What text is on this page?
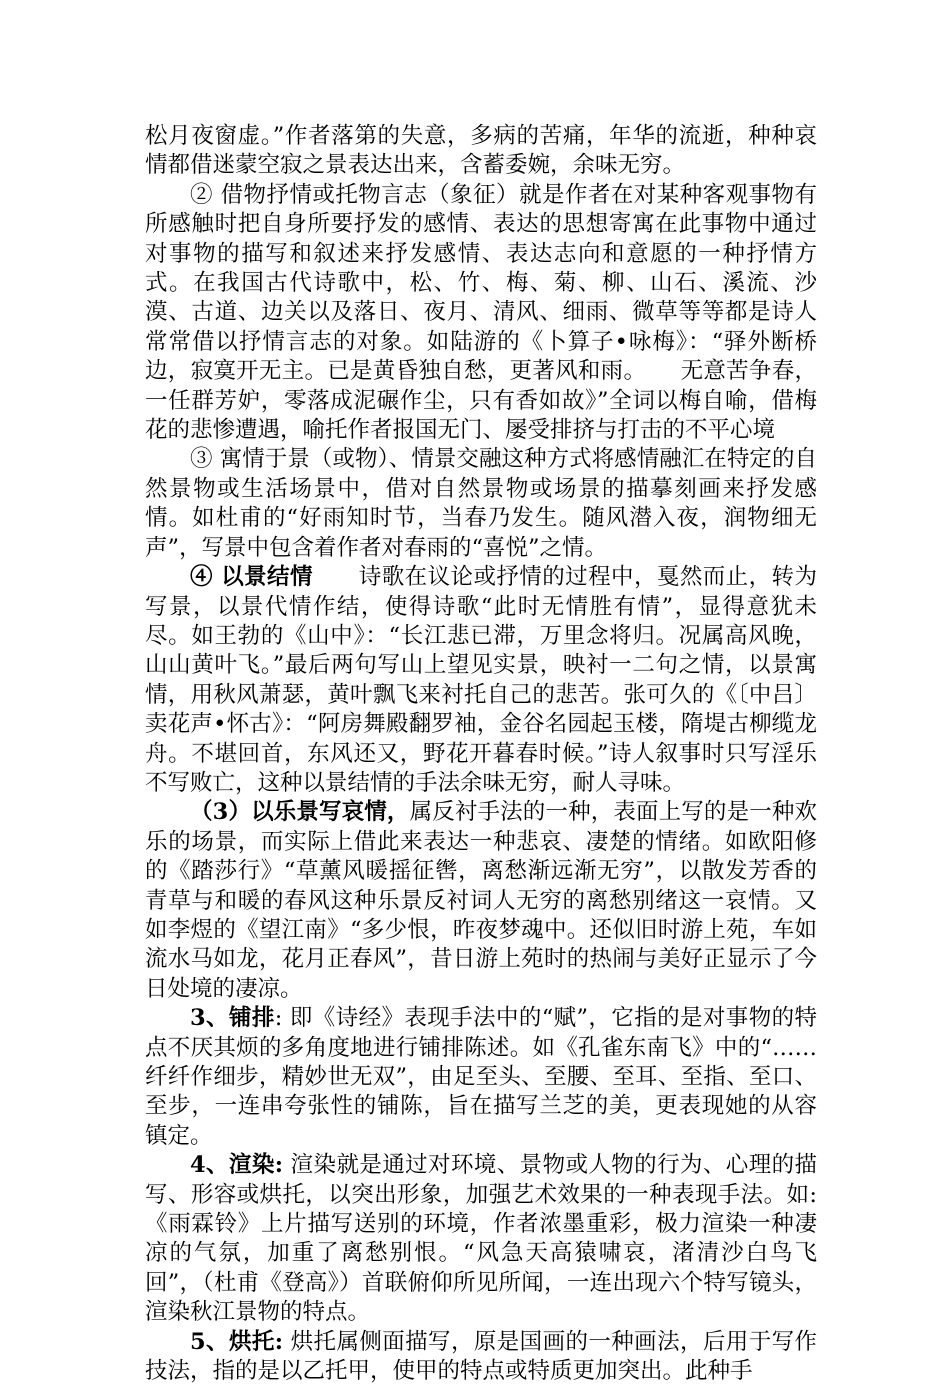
松月夜窗虚。”作者落第的失意，多病的苦痛，年华的流逝，种种哀情都借迷蒙空寂之景表达出来，含蓄委婉，余味无穷。

② 借物抒情或托物言志（象征）就是作者在对某种客观事物有所感触时把自身所要抒发的感情、表达的思想寄寓在此事物中通过对事物的描写和叙述来抒发感情、表达志向和意愿的一种抒情方式。在我国古代诗歌中，松、竹、梅、菊、柳、山石、溪流、沙漠、古道、边关以及落日、夜月、清风、细雨、微草等等都是诗人常常借以抒情言志的对象。如陆游的《卜算子•咏梅》：“驿外断桥边，寂寞开无主。已是黄昏独自愁，更著风和雨。　　无意苦争春，一任群芳妒，零落成泥碾作尘，只有香如故》”全词以梅自喻，借梅花的悲惨遭遇，喻托作者报国无门、屡受排挤与打击的不平心境

③ 寓情于景（或物）、情景交融这种方式将感情融汇在特定的自然景物或生活场景中，借对自然景物或场景的描摹刻画来抒发感情。如杜甫的“好雨知时节，当春乃发生。随风潜入夜，润物细无声”，写景中包含着作者对春雨的“喜悦”之情。

④ 以景结情　　诗歌在议论或抒情的过程中，戛然而止，转为写景，以景代情作结，使得诗歌“此时无情胜有情”，显得意犹未尽。如王勃的《山中》：“长江悲已滞，万里念将归。况属高风晚，山山黄叶飞。”最后两句写山上望见实景，映衬一二句之情，以景寓情，用秋风萧瑟，黄叶飘飞来衬托自己的悲苦。张可久的《〔中吕〕卖花声•怀古》：“阿房舞殿翻罗袖，金谷名园起玉楼，隋堤古柳缆龙舟。不堪回首，东风还又，野花开暮春时候。”诗人叙事时只写淫乐不写败亡，这种以景结情的手法余味无穷，耐人寻味。

（3）以乐景写哀情，属反衬手法的一种，表面上写的是一种欢乐的场景，而实际上借此来表达一种悲哀、凄楚的情绪。如欧阳修的《踏莎行》“草薰风暖摇征辔，离愁渐远渐无穷”，以散发芳香的青草与和暖的春风这种乐景反衬词人无穷的离愁别绪这一哀情。又如李煜的《望江南》“多少恨，昨夜梦魂中。还似旧时游上苑，车如流水马如龙，花月正春风”，昔日游上苑时的热闹与美好正显示了今日处境的凄凉。

3、铺排: 即《诗经》表现手法中的“赋”，它指的是对事物的特点不厌其烦的多角度地进行铺排陈述。如《孔雀东南飞》中的“……纤纤作细步，精妙世无双”，由足至头、至腰、至耳、至指、至口、至步，一连串夸张性的铺陈，旨在描写兰芝的美，更表现她的从容镇定。

4、渲染: 渲染就是通过对环境、景物或人物的行为、心理的描写、形容或烘托，以突出形象，加强艺术效果的一种表现手法。如:《雨霖铃》上片描写送别的环境，作者浓墨重彩，极力渲染一种凄凉的气氛，加重了离愁别恨。“风急天高猿啸哀，渚清沙白鸟飞回”，（杜甫《登高》）首联俯仰所见所闻，一连出现六个特写镜头，渲染秋江景物的特点。

5、烘托: 烘托属侧面描写，原是国画的一种画法，后用于写作技法，指的是以乙托甲，使甲的特点或特质更加突出。此种手
